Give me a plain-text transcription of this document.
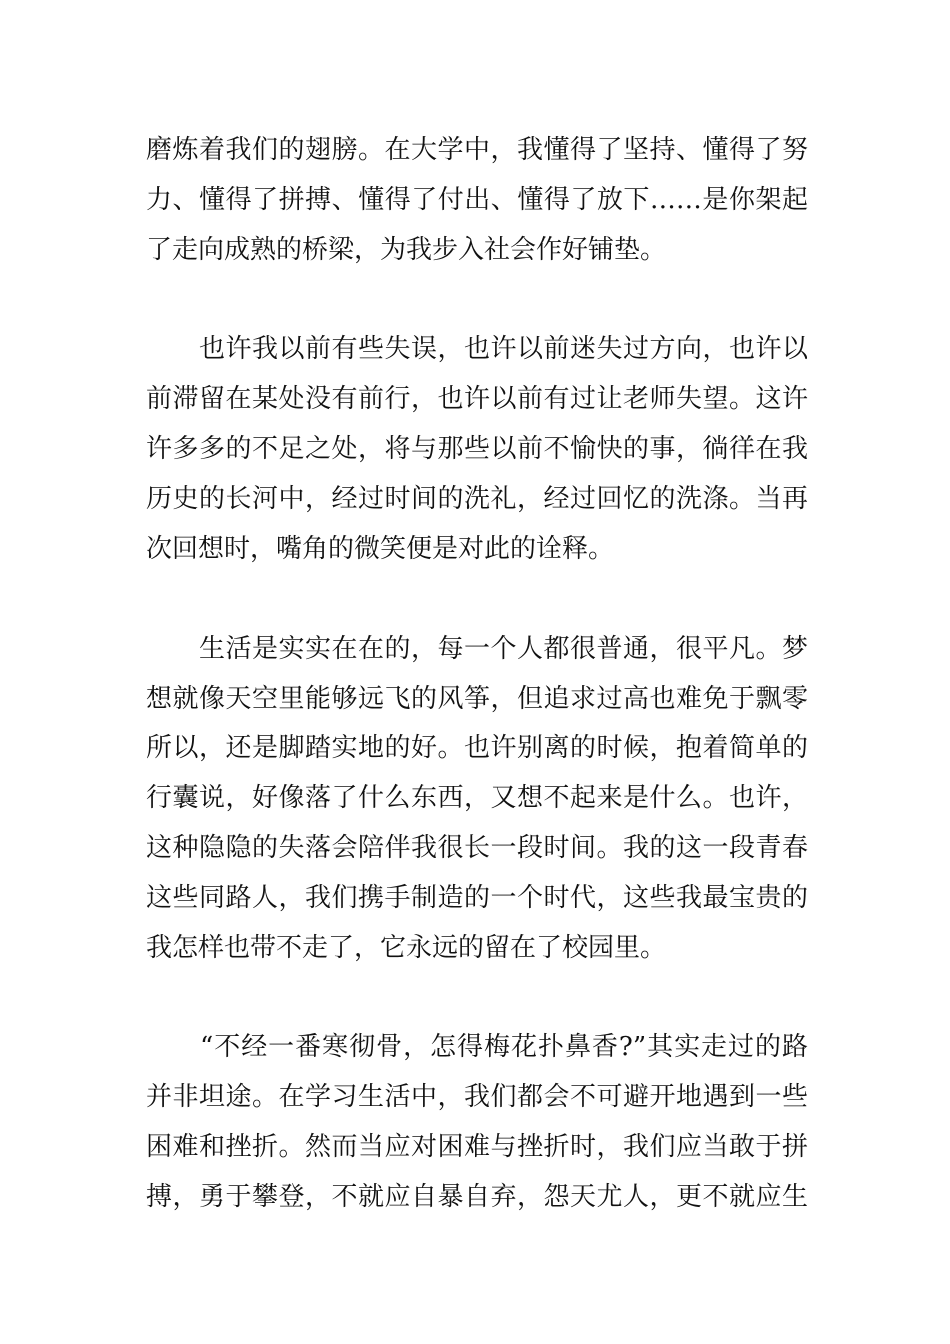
磨炼着我们的翅膀。在大学中，我懂得了坚持、懂得了努
力、懂得了拼搏、懂得了付出、懂得了放下……是你架起
了走向成熟的桥梁，为我步入社会作好铺垫。
　　也许我以前有些失误，也许以前迷失过方向，也许以
前滞留在某处没有前行，也许以前有过让老师失望。这许
许多多的不足之处，将与那些以前不愉快的事，徜徉在我
历史的长河中，经过时间的洗礼，经过回忆的洗涤。当再
次回想时，嘴角的微笑便是对此的诠释。
　　生活是实实在在的，每一个人都很普通，很平凡。梦
想就像天空里能够远飞的风筝，但追求过高也难免于飘零
所以，还是脚踏实地的好。也许别离的时候，抱着简单的
行囊说，好像落了什么东西，又想不起来是什么。也许，
这种隐隐的失落会陪伴我很长一段时间。我的这一段青春
这些同路人，我们携手制造的一个时代，这些我最宝贵的
我怎样也带不走了，它永远的留在了校园里。
　　“不经一番寒彻骨，怎得梅花扑鼻香?”其实走过的路
并非坦途。在学习生活中，我们都会不可避开地遇到一些
困难和挫折。然而当应对困难与挫折时，我们应当敢于拼
搏，勇于攀登，不就应自暴自弃，怨天尤人，更不就应生
